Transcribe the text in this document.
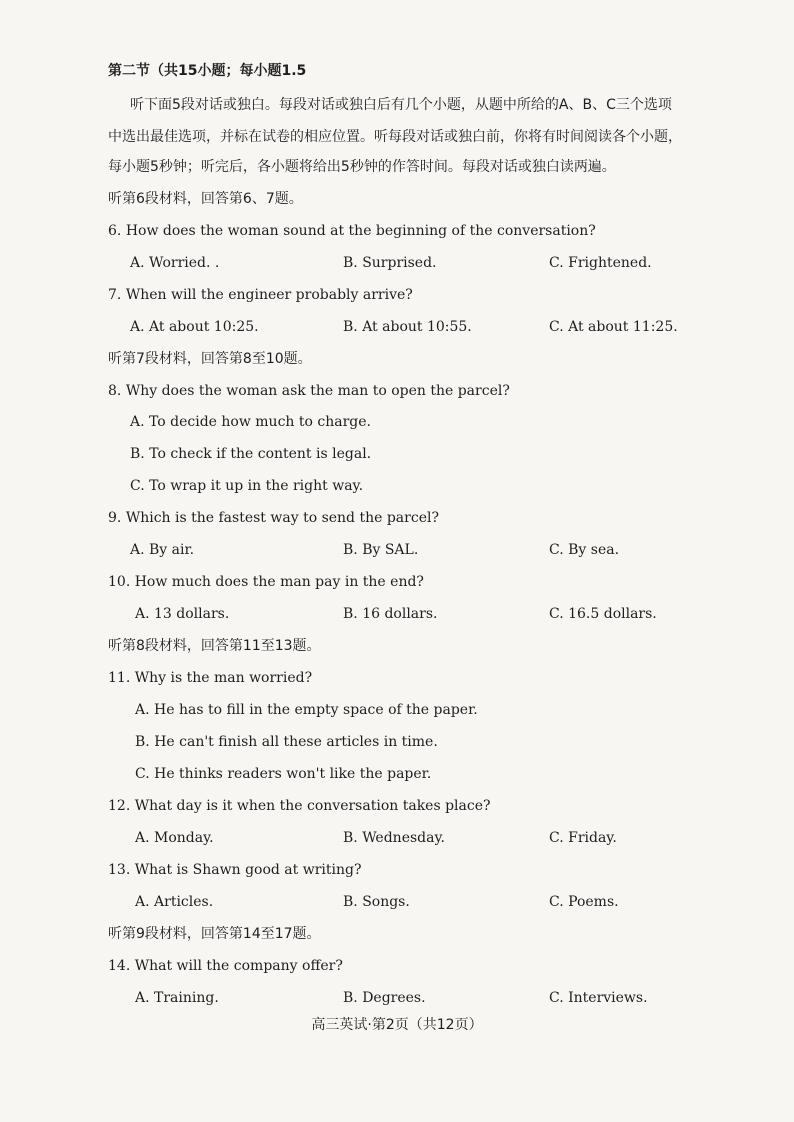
第二节（共15小题；每小题1.5
听下面5段对话或独白。每段对话或独白后有几个小题，从题中所给的A、B、C三个选项
中选出最佳选项，并标在试卷的相应位置。听每段对话或独白前，你将有时间阅读各个小题，
每小题5秒钟；听完后，各小题将给出5秒钟的作答时间。每段对话或独白读两遍。
听第6段材料，回答第6、7题。
6. How does the woman sound at the beginning of the conversation?
A. Worried. .	B. Surprised.	C. Frightened.
7. When will the engineer probably arrive?
A. At about 10:25.	B. At about 10:55.	C. At about 11:25.
听第7段材料，回答第8至10题。
8. Why does the woman ask the man to open the parcel?
A. To decide how much to charge.
B. To check if the content is legal.
C. To wrap it up in the right way.
9. Which is the fastest way to send the parcel?
A. By air.	B. By SAL.	C. By sea.
10. How much does the man pay in the end?
A. 13 dollars.	B. 16 dollars.	C. 16.5 dollars.
听第8段材料，回答第11至13题。
11. Why is the man worried?
A. He has to fill in the empty space of the paper.
B. He can't finish all these articles in time.
C. He thinks readers won't like the paper.
12. What day is it when the conversation takes place?
A. Monday.	B. Wednesday.	C. Friday.
13. What is Shawn good at writing?
A. Articles.	B. Songs.	C. Poems.
听第9段材料，回答第14至17题。
14. What will the company offer?
A. Training.	B. Degrees.	C. Interviews.
高三英试·第2页（共12页）
